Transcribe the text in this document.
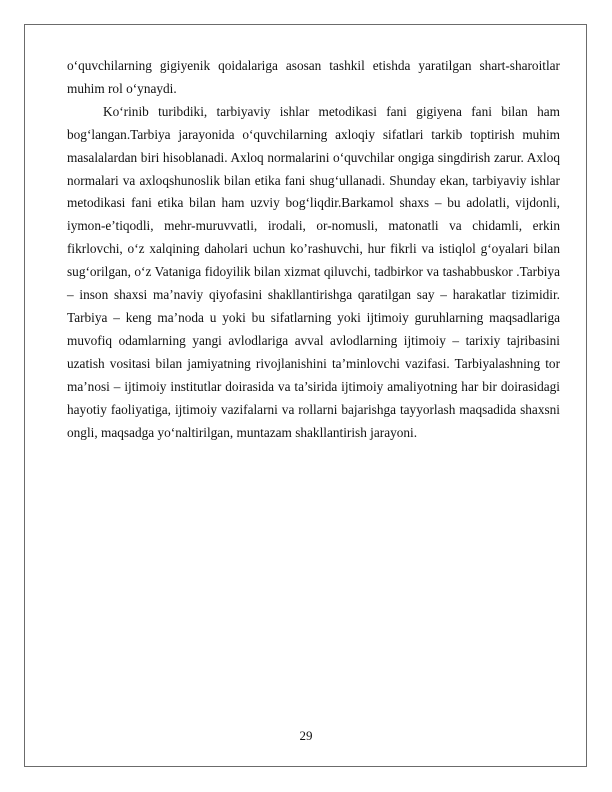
o‘quvchilarning gigiyenik qoidalariga asosan tashkil etishda yaratilgan shart-sharoitlar muhim rol o‘ynaydi.

Ko‘rinib turibdiki, tarbiyaviy ishlar metodikasi fani gigiyena fani bilan ham bog‘langan.Tarbiya jarayonida o‘quvchilarning axloqiy sifatlari tarkib toptirish muhim masalalardan biri hisoblanadi. Axloq normalarini o‘quvchilar ongiga singdirish zarur. Axloq normalari va axloqshunoslik bilan etika fani shug‘ullanadi. Shunday ekan, tarbiyaviy ishlar metodikasi fani etika bilan ham uzviy bog‘liqdir.Barkamol shaxs – bu adolatli, vijdonli, iymon-e’tiqodli, mehr-muruvvatli, irodali, or-nomusli, matonatli va chidamli, erkin fikrlovchi, o‘z xalqining daholari uchun ko’rashuvchi, hur fikrli va istiqlol g‘oyalari bilan sug‘orilgan, o‘z Vataniga fidoyilik bilan xizmat qiluvchi, tadbirkor va tashabbuskor .Tarbiya – inson shaxsi ma’naviy qiyofasini shakllantirishga qaratilgan say – harakatlar tizimidir. Tarbiya – keng ma’noda u yoki bu sifatlarning yoki ijtimoiy guruhlarning maqsadlariga muvofiq odamlarning yangi avlodlariga avval avlodlarning ijtimoiy – tarixiy tajribasini uzatish vositasi bilan jamiyatning rivojlanishini ta’minlovchi vazifasi. Tarbiyalashning tor ma’nosi – ijtimoiy institutlar doirasida va ta’sirida ijtimoiy amaliyotning har bir doirasidagi hayotiy faoliyatiga, ijtimoiy vazifalarni va rollarni bajarishga tayyorlash maqsadida shaxsni ongli, maqsadga yo‘naltirilgan, muntazam shakllantirish jarayoni.

29
